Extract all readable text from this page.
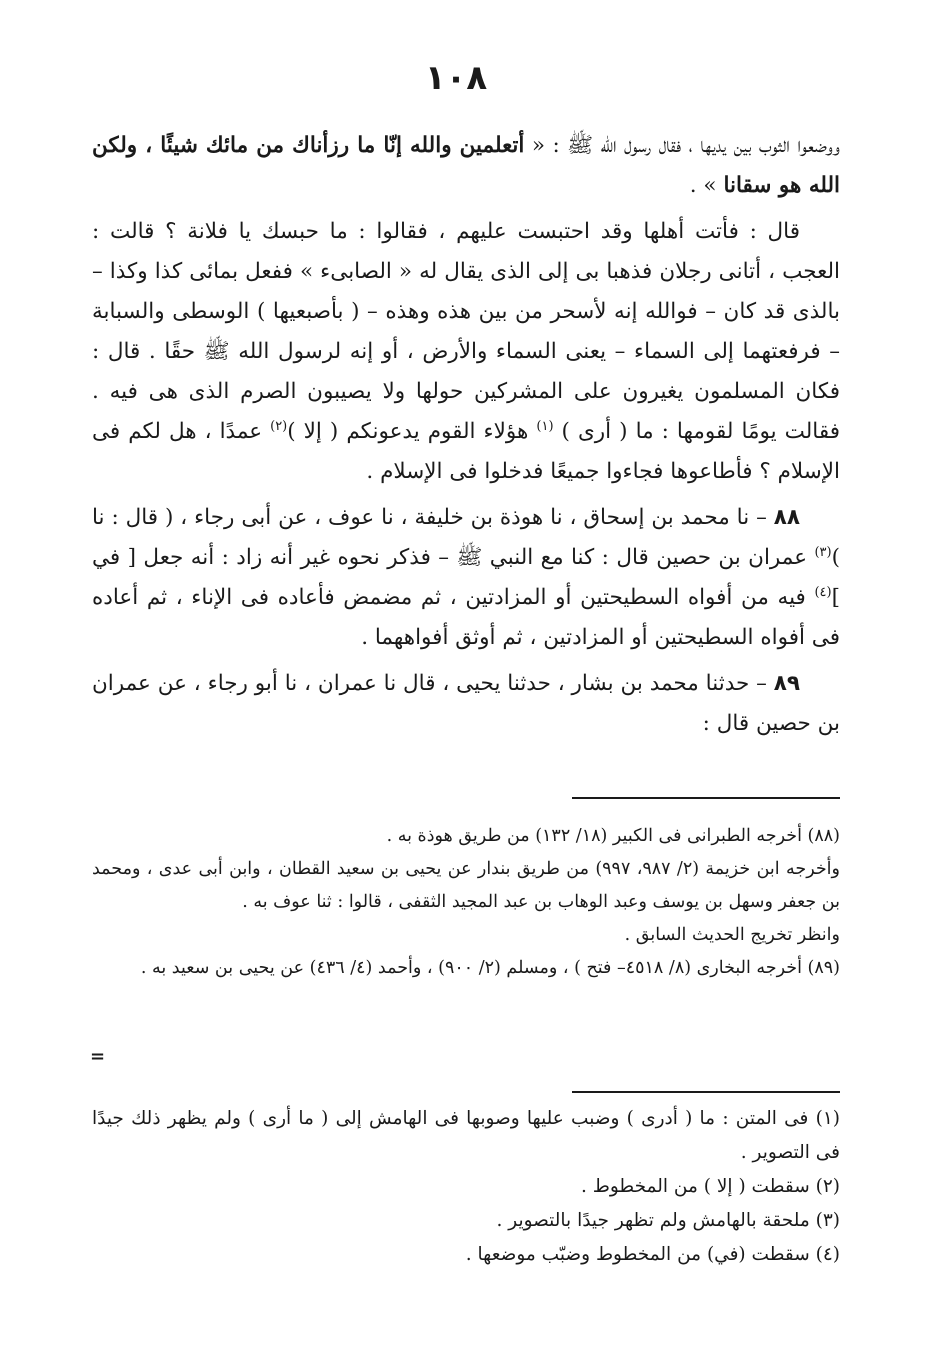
١٠٨

ووضعوا الثوب بين يديها ، فقال رسول الله ﷺ : « أتعلمين والله إنّا ما رزأناك من مائك شيئًا ، ولكن الله هو سقانا » .

قال : فأتت أهلها وقد احتبست عليهم ، فقالوا : ما حبسك يا فلانة ؟ قالت : العجب ، أتانى رجلان فذهبا بى إلى الذى يقال له « الصابىء » ففعل بمائى كذا وكذا – بالذى قد كان – فوالله إنه لأسحر من بين هذه وهذه – ( بأصبعيها ) الوسطى والسبابة – فرفعتهما إلى السماء – يعنى السماء والأرض ، أو إنه لرسول الله ﷺ حقًا . قال : فكان المسلمون يغيرون على المشركين حولها ولا يصيبون الصرم الذى هى فيه . فقالت يومًا لقومها : ما ( أرى ) $^{(١)}$ هؤلاء القوم يدعونكم ( إلا )$^{(٢)}$ عمدًا ، هل لكم فى الإسلام ؟ فأطاعوها فجاءوا جميعًا فدخلوا فى الإسلام .

٨٨ – نا محمد بن إسحاق ، نا هوذة بن خليفة ، نا عوف ، عن أبى رجاء ، ( قال : نا )$^{(٣)}$ عمران بن حصين قال : كنا مع النبي ﷺ – فذكر نحوه غير أنه زاد : أنه جعل [ في ]$^{(٤)}$ فيه من أفواه السطيحتين أو المزادتين ، ثم مضمض فأعاده فى الإناء ، ثم أعاده فى أفواه السطيحتين أو المزادتين ، ثم أوثق أفواههما .

٨٩ – حدثنا محمد بن بشار ، حدثنا يحيى ، قال نا عمران ، نا أبو رجاء ، عن عمران بن حصين قال :

(٨٨) أخرجه الطبرانى فى الكبير (١٨/ ١٣٢) من طريق هوذة به .

وأخرجه ابن خزيمة (٢/ ٩٨٧، ٩٩٧) من طريق بندار عن يحيى بن سعيد القطان ، وابن أبى عدى ، ومحمد بن جعفر وسهل بن يوسف وعبد الوهاب بن عبد المجيد الثقفى ، قالوا : ثنا عوف به .

وانظر تخريج الحديث السابق .

(٨٩) أخرجه البخارى (٨/ ٤٥١٨– فتح ) ، ومسلم (٢/ ٩٠٠) ، وأحمد (٤/ ٤٣٦) عن يحيى بن سعيد به .

=

(١) فى المتن : ما ( أدرى ) وضبب عليها وصوبها فى الهامش إلى ( ما أرى ) ولم يظهر ذلك جيدًا فى التصوير .

(٢) سقطت ( إلا ) من المخطوط .

(٣) ملحقة بالهامش ولم تظهر جيدًا بالتصوير .

(٤) سقطت (في) من المخطوط وضبّب موضعها .
